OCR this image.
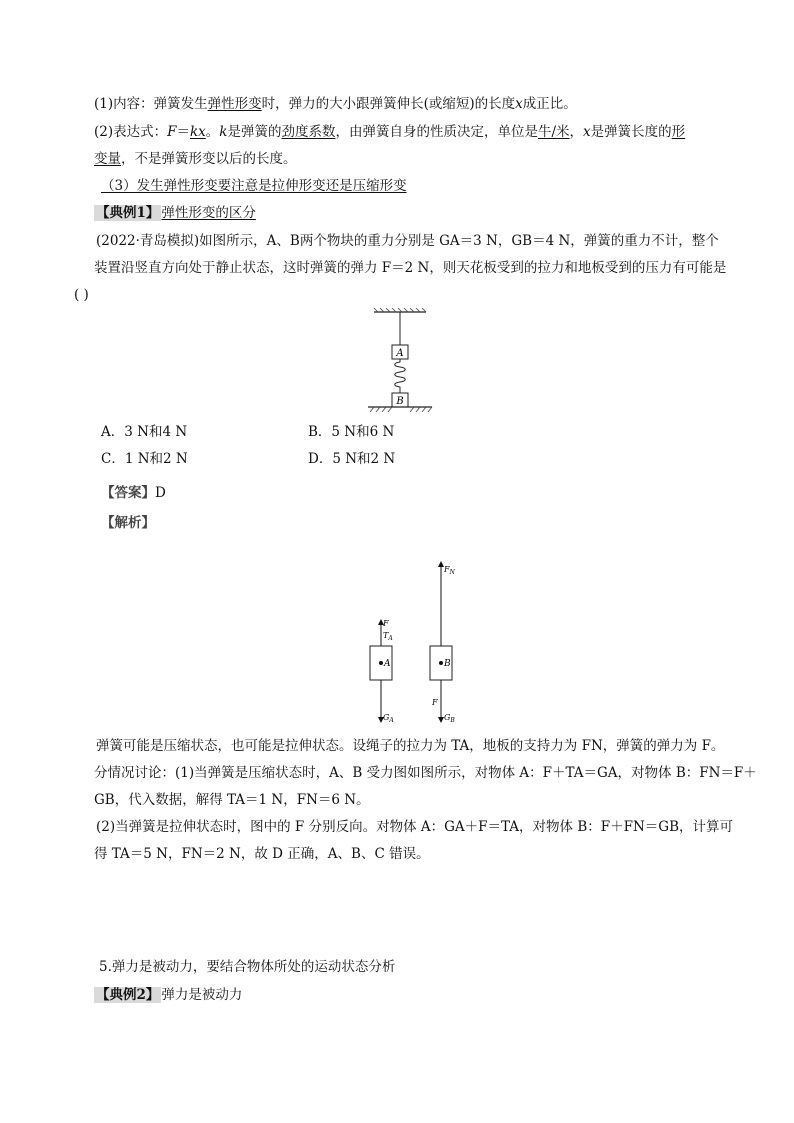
(1)内容：弹簧发生弹性形变时，弹力的大小跟弹簧伸长(或缩短)的长度x成正比。
(2)表达式：F＝kx。k是弹簧的劲度系数，由弹簧自身的性质决定，单位是牛/米，x是弹簧长度的形
变量，不是弹簧形变以后的长度。
（3）发生弹性形变要注意是拉伸形变还是压缩形变
【典例1】 弹性形变的区分
(2022·青岛模拟)如图所示，A、B两个物块的重力分别是 GA＝3 N，GB＝4 N，弹簧的重力不计，整个
装置沿竖直方向处于静止状态，这时弹簧的弹力 F＝2 N，则天花板受到的拉力和地板受到的压力有可能是
( )
A
B
A．3 N和4 N	B．5 N和6 N
C．1 N和2 N	D．5 N和2 N
【答案】D
【解析】
A
F
$T_A$
$G_A$
B
$F_N$
F
$G_B$
弹簧可能是压缩状态，也可能是拉伸状态。设绳子的拉力为 TA，地板的支持力为 FN，弹簧的弹力为 F。
分情况讨论：(1)当弹簧是压缩状态时，A、B 受力图如图所示，对物体 A：F＋TA＝GA，对物体 B：FN＝F＋
GB，代入数据，解得 TA＝1 N，FN＝6 N。
(2)当弹簧是拉伸状态时，图中的 F 分别反向。对物体 A：GA＋F＝TA，对物体 B：F＋FN＝GB，计算可
得 TA＝5 N，FN＝2 N，故 D 正确，A、B、C 错误。
5.弹力是被动力，要结合物体所处的运动状态分析
【典例2】 弹力是被动力
